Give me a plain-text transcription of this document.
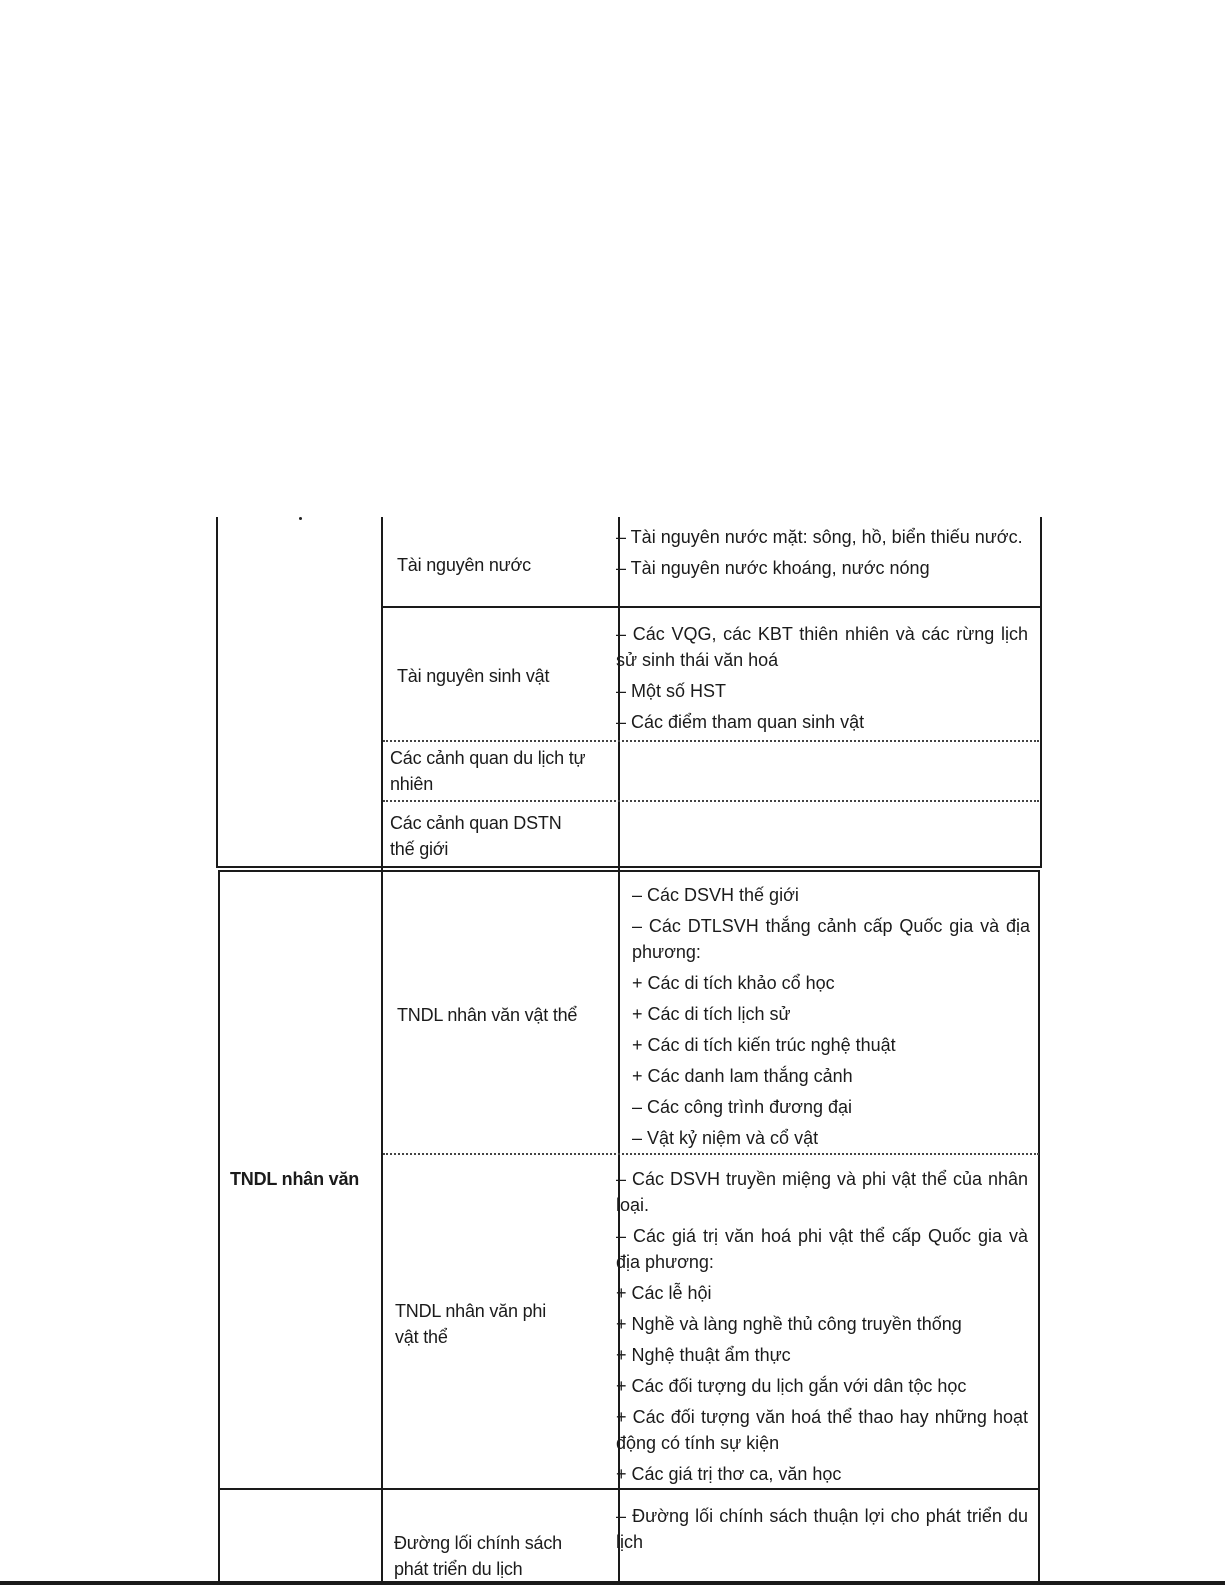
Tài nguyên nước

– Tài nguyên nước mặt: sông, hồ, biển thiếu nước.
– Tài nguyên nước khoáng, nước nóng

Tài nguyên sinh vật

– Các VQG, các KBT thiên nhiên và các rừng lịch sử sinh thái văn hoá
– Một số HST
– Các điểm tham quan sinh vật

Các cảnh quan du lịch tự nhiên

Các cảnh quan DSTN thế giới

TNDL nhân văn

TNDL nhân văn vật thể

– Các DSVH thế giới
– Các DTLSVH thắng cảnh cấp Quốc gia và địa phương:
+ Các di tích khảo cổ học
+ Các di tích lịch sử
+ Các di tích kiến trúc nghệ thuật
+ Các danh lam thắng cảnh
– Các công trình đương đại
– Vật kỷ niệm và cổ vật

TNDL nhân văn phi vật thể

– Các DSVH truyền miệng và phi vật thể của nhân loại.
– Các giá trị văn hoá phi vật thể cấp Quốc gia và địa phương:
+ Các lễ hội
+ Nghề và làng nghề thủ công truyền thống
+ Nghệ thuật ẩm thực
+ Các đối tượng du lịch gắn với dân tộc học
+ Các đối tượng văn hoá thể thao hay những hoạt động có tính sự kiện
+ Các giá trị thơ ca, văn học

Đường lối chính sách phát triển du lịch

– Đường lối chính sách thuận lợi cho phát triển du lịch
